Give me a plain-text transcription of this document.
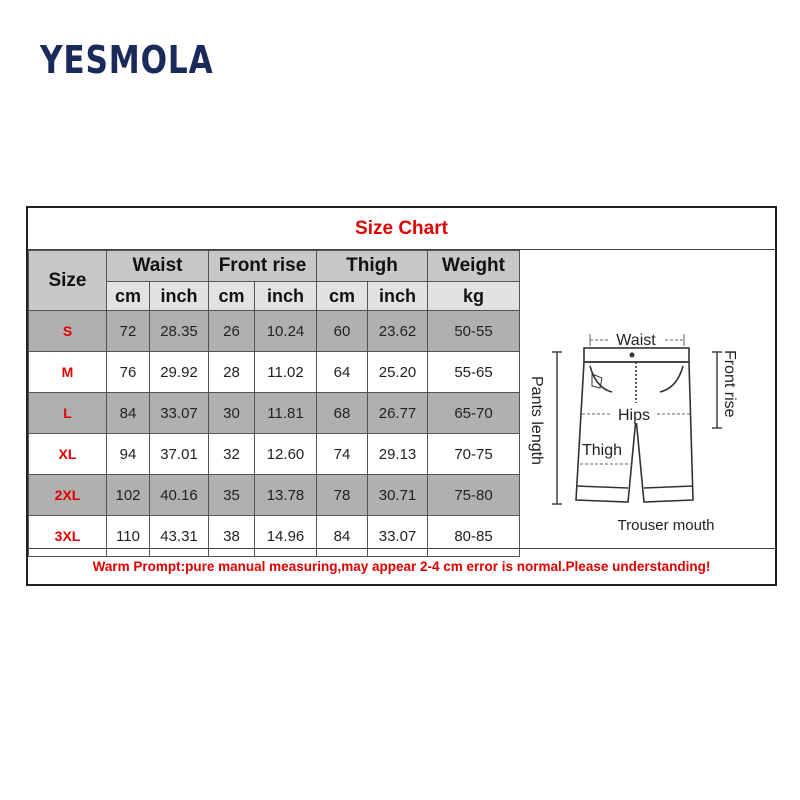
YESMOLA
Size Chart
Size	Waist		Front rise		Thigh		Weight
	cm	inch	cm	inch	cm	inch	kg
S	72	28.35	26	10.24	60	23.62	50-55
M	76	29.92	28	11.02	64	25.20	55-65
L	84	33.07	30	11.81	68	26.77	65-70
XL	94	37.01	32	12.60	74	29.13	70-75
2XL	102	40.16	35	13.78	78	30.71	75-80
3XL	110	43.31	38	14.96	84	33.07	80-85
Waist
Pants length	Front rise
Hips
Thigh
Trouser mouth
Warm Prompt:pure manual measuring,may appear 2-4 cm error is normal.Please understanding!
